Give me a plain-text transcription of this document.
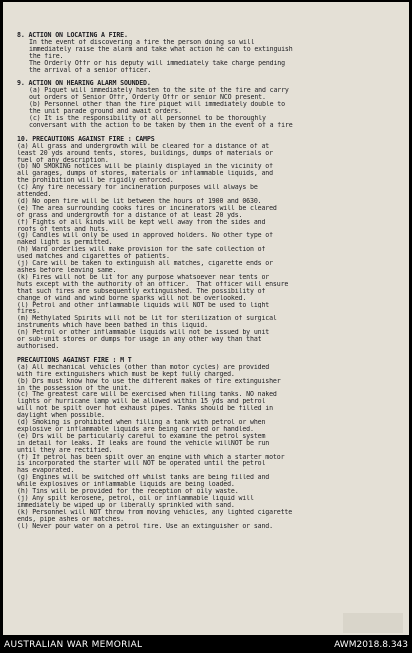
8. ACTION ON LOCATING A FIRE.
In the event of discovering a fire the person doing so will
immediately raise the alarm and take what action he can to extinguish
the fire.
The Orderly Offr or his deputy will immediately take charge pending
the arrival of a senior officer.
9. ACTION ON HEARING ALARM SOUNDED.
(a) Piquet will immediately hasten to the site of the fire and carry
out orders of Senior Offr, Orderly Offr or senior NCO present.
(b) Personnel other than the fire piquet will immediately double to
the unit parade ground and await orders.
(c) It is the responsibility of all personnel to be thoroughly
conversant with the action to be taken by them in the event of a fire
10. PRECAUTIONS AGAINST FIRE : CAMPS
(a) All grass and undergrowth will be cleared for a distance of at
least 20 yds around tents, stores, buildings, dumps of materials or
fuel of any description.
(b) NO SMOKING notices will be plainly displayed in the vicinity of
all garages, dumps of stores, materials or inflammable liquids, and
the prohibition will be rigidly enforced.
(c) Any fire necessary for incineration purposes will always be
attended.
(d) No open fire will be lit between the hours of 1900 and 0630.
(e) The area surrounding cooks fires or incinerators will be cleared
of grass and undergrowth for a distance of at least 20 yds.
(f) Fights of all kinds will be kept well away from the sides and
roofs of tents and huts.
(g) Candles will only be used in approved holders. No other type of
naked light is permitted.
(h) Ward orderlies will make provision for the safe collection of
used matches and cigarettes of patients.
(j) Care will be taken to extinguish all matches, cigarette ends or
ashes before leaving same.
(k) Fires will not be lit for any purpose whatsoever near tents or
huts except with the authority of an officer.  That officer will ensure
that such fires are subsequently extinguished. The possibility of
change of wind and wind borne sparks will not be overlooked.
(l) Petrol and other inflammable liquids will NOT be used to light
fires.
(m) Methylated Spirits will not be lit for sterilization of surgical
instruments which have been bathed in this liquid.
(n) Petrol or other inflammable liquids will not be issued by unit
or sub-unit stores or dumps for usage in any other way than that
authorised.
PRECAUTIONS AGAINST FIRE : M T
(a) All mechanical vehicles (other than motor cycles) are provided
with fire extinguishers which must be kept fully charged.
(b) Drs must know how to use the different makes of fire extinguisher
in the possession of the unit.
(c) The greatest care will be exercised when filling tanks. NO naked
lights or hurricane lamp will be allowed within 15 yds and petrol
will not be spilt over hot exhaust pipes. Tanks should be filled in
daylight when possible.
(d) Smoking is prohibited when filling a tank with petrol or when
explosive or inflammable liquids are being carried or handled.
(e) Drs will be particularly careful to examine the petrol system
in detail for leaks. If leaks are found the vehicle willNOT be run
until they are rectified.
(f) If petrol has been spilt over an engine with which a starter motor
is incorporated the starter will NOT be operated until the petrol
has evaporated.
(g) Engines will be switched off whilst tanks are being filled and
while explosives or inflammable liquids are being loaded.
(h) Tins will be provided for the reception of oily waste.
(j) Any spilt kerosene, petrol, oil or inflammable liquid will
immediately be wiped up or liberally sprinkled with sand.
(k) Personnel will NOT throw from moving vehicles, any lighted cigarette
ends, pipe ashes or matches.
(l) Never pour water on a petrol fire. Use an extinguisher or sand.
AUSTRALIAN WAR MEMORIAL	AWM2018.8.343
